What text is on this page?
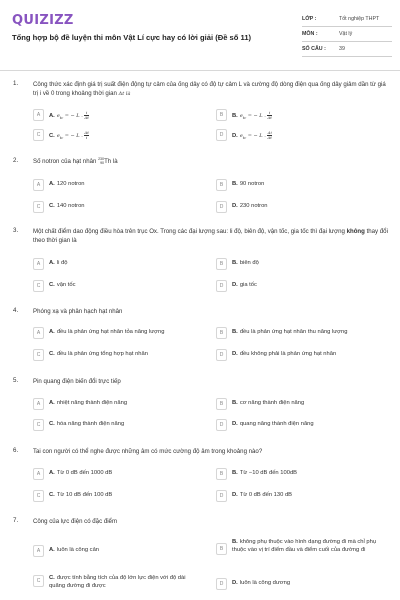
QUIZIZZ
Tổng hợp bộ đề luyện thi môn Vật Lí cực hay có lời giải (Đề số 11)
LỚP :	Tốt nghiệp THPT
MÔN :	Vật lý
SỐ CÂU : 39
1. Công thức xác định giá trị suất điện động tự cảm của ống dây có độ tự cảm L và cường độ dòng điện qua ống dây giảm dần từ giá trị i về 0 trong khoảng thời gian Δt là
A	A. $e_{tc}$ = − L . $\frac{i}{\Delta t}$	B	B. $e_{tc}$ = − L . $\frac{i}{\Delta t}$
C	C. $e_{tc}$ = − L . $\frac{\Delta t}{i}$	D	D. $e_{tc}$ = − L . $\frac{\Delta i}{\Delta t}$
2. Số notron của hạt nhân 230
90 Th là
A	A. 120 notron	B	B. 90 notron
C	C. 140 notron	D	D. 230 notron
3. Một chất điểm dao động điều hòa trên trục Ox. Trong các đại lượng sau: li độ, biên độ, vận tốc, gia tốc thì đại lượng không thay đổi theo thời gian là
A	A. li độ	B	B. biên độ
C	C. vận tốc	D	D. gia tốc
4. Phóng xạ và phân hạch hạt nhân
A	A. đều là phản ứng hạt nhân tỏa năng lượng	B	B. đều là phản ứng hạt nhân thu năng lượng
C	C. đều là phản ứng tổng hợp hạt nhân	D	D. đều không phải là phản ứng hạt nhân
5. Pin quang điện biến đổi trực tiếp
A	A. nhiệt năng thành điện năng	B	B. cơ năng thành điện năng
C	C. hóa năng thành điện năng	D	D. quang năng thành điện năng
6. Tai con người có thể nghe được những âm có mức cường độ âm trong khoảng nào?
A	A. Từ 0 dB đến 1000 dB	B	B. Từ −10 dB đến 100dB
C	C. Từ 10 dB đến 100 dB	D	D. Từ 0 dB đến 130 dB
7. Công của lực điện có đặc điểm
A	A. luôn là công cản	B
B. không phụ thuộc vào hình dạng đường đi mà chỉ phụ thuộc vào vị trí điểm đầu và điểm cuối của đường đi
C	C. được tính bằng tích của độ lớn lực điện với độ dài quãng đường đi được	D	D. luôn là công dương
